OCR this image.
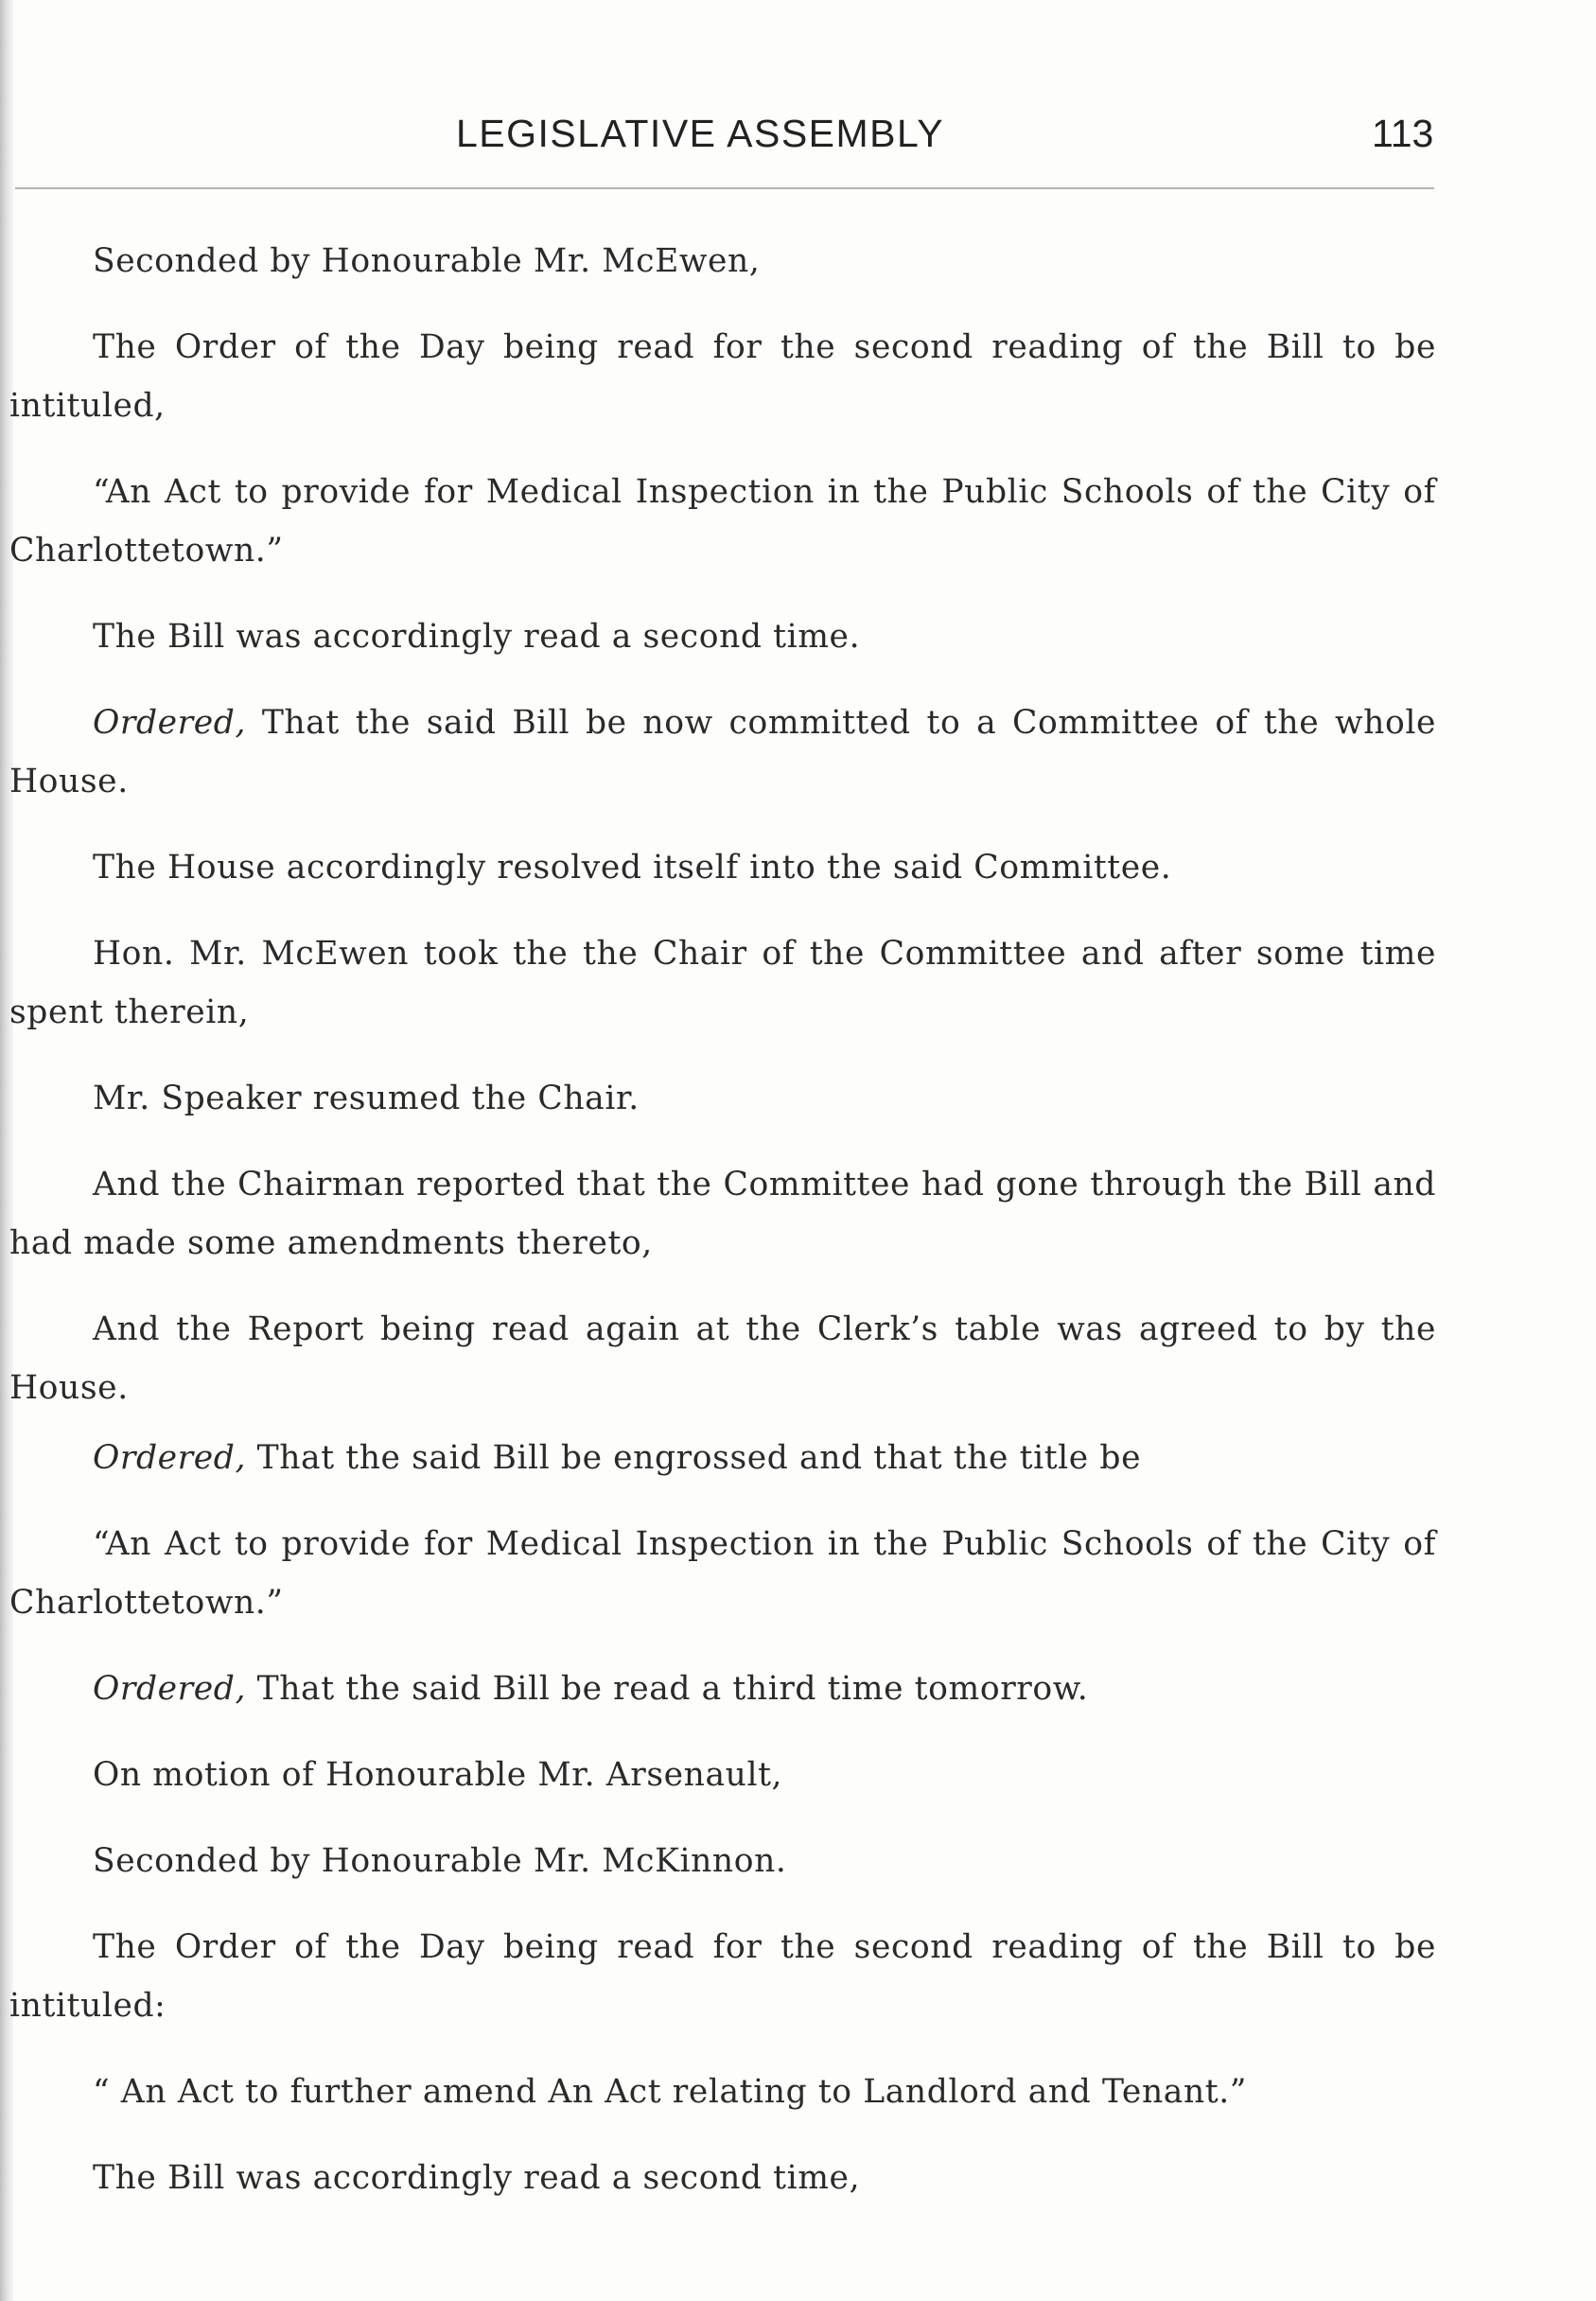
LEGISLATIVE ASSEMBLY	113

Seconded by Honourable Mr. McEwen,

The Order of the Day being read for the second reading of the Bill to be intituled,

“An Act to provide for Medical Inspection in the Public Schools of the City of Charlottetown.”

The Bill was accordingly read a second time.

Ordered, That the said Bill be now committed to a Committee of the whole House.

The House accordingly resolved itself into the said Committee.

Hon. Mr. McEwen took the the Chair of the Committee and after some time spent therein,

Mr. Speaker resumed the Chair.

And the Chairman reported that the Committee had gone through the Bill and had made some amendments thereto,

And the Report being read again at the Clerk’s table was agreed to by the House.

Ordered, That the said Bill be engrossed and that the title be

“An Act to provide for Medical Inspection in the Public Schools of the City of Charlottetown.”

Ordered, That the said Bill be read a third time tomorrow.

On motion of Honourable Mr. Arsenault,

Seconded by Honourable Mr. McKinnon.

The Order of the Day being read for the second reading of the Bill to be intituled:

“ An Act to further amend An Act relating to Landlord and Tenant.”

The Bill was accordingly read a second time,
